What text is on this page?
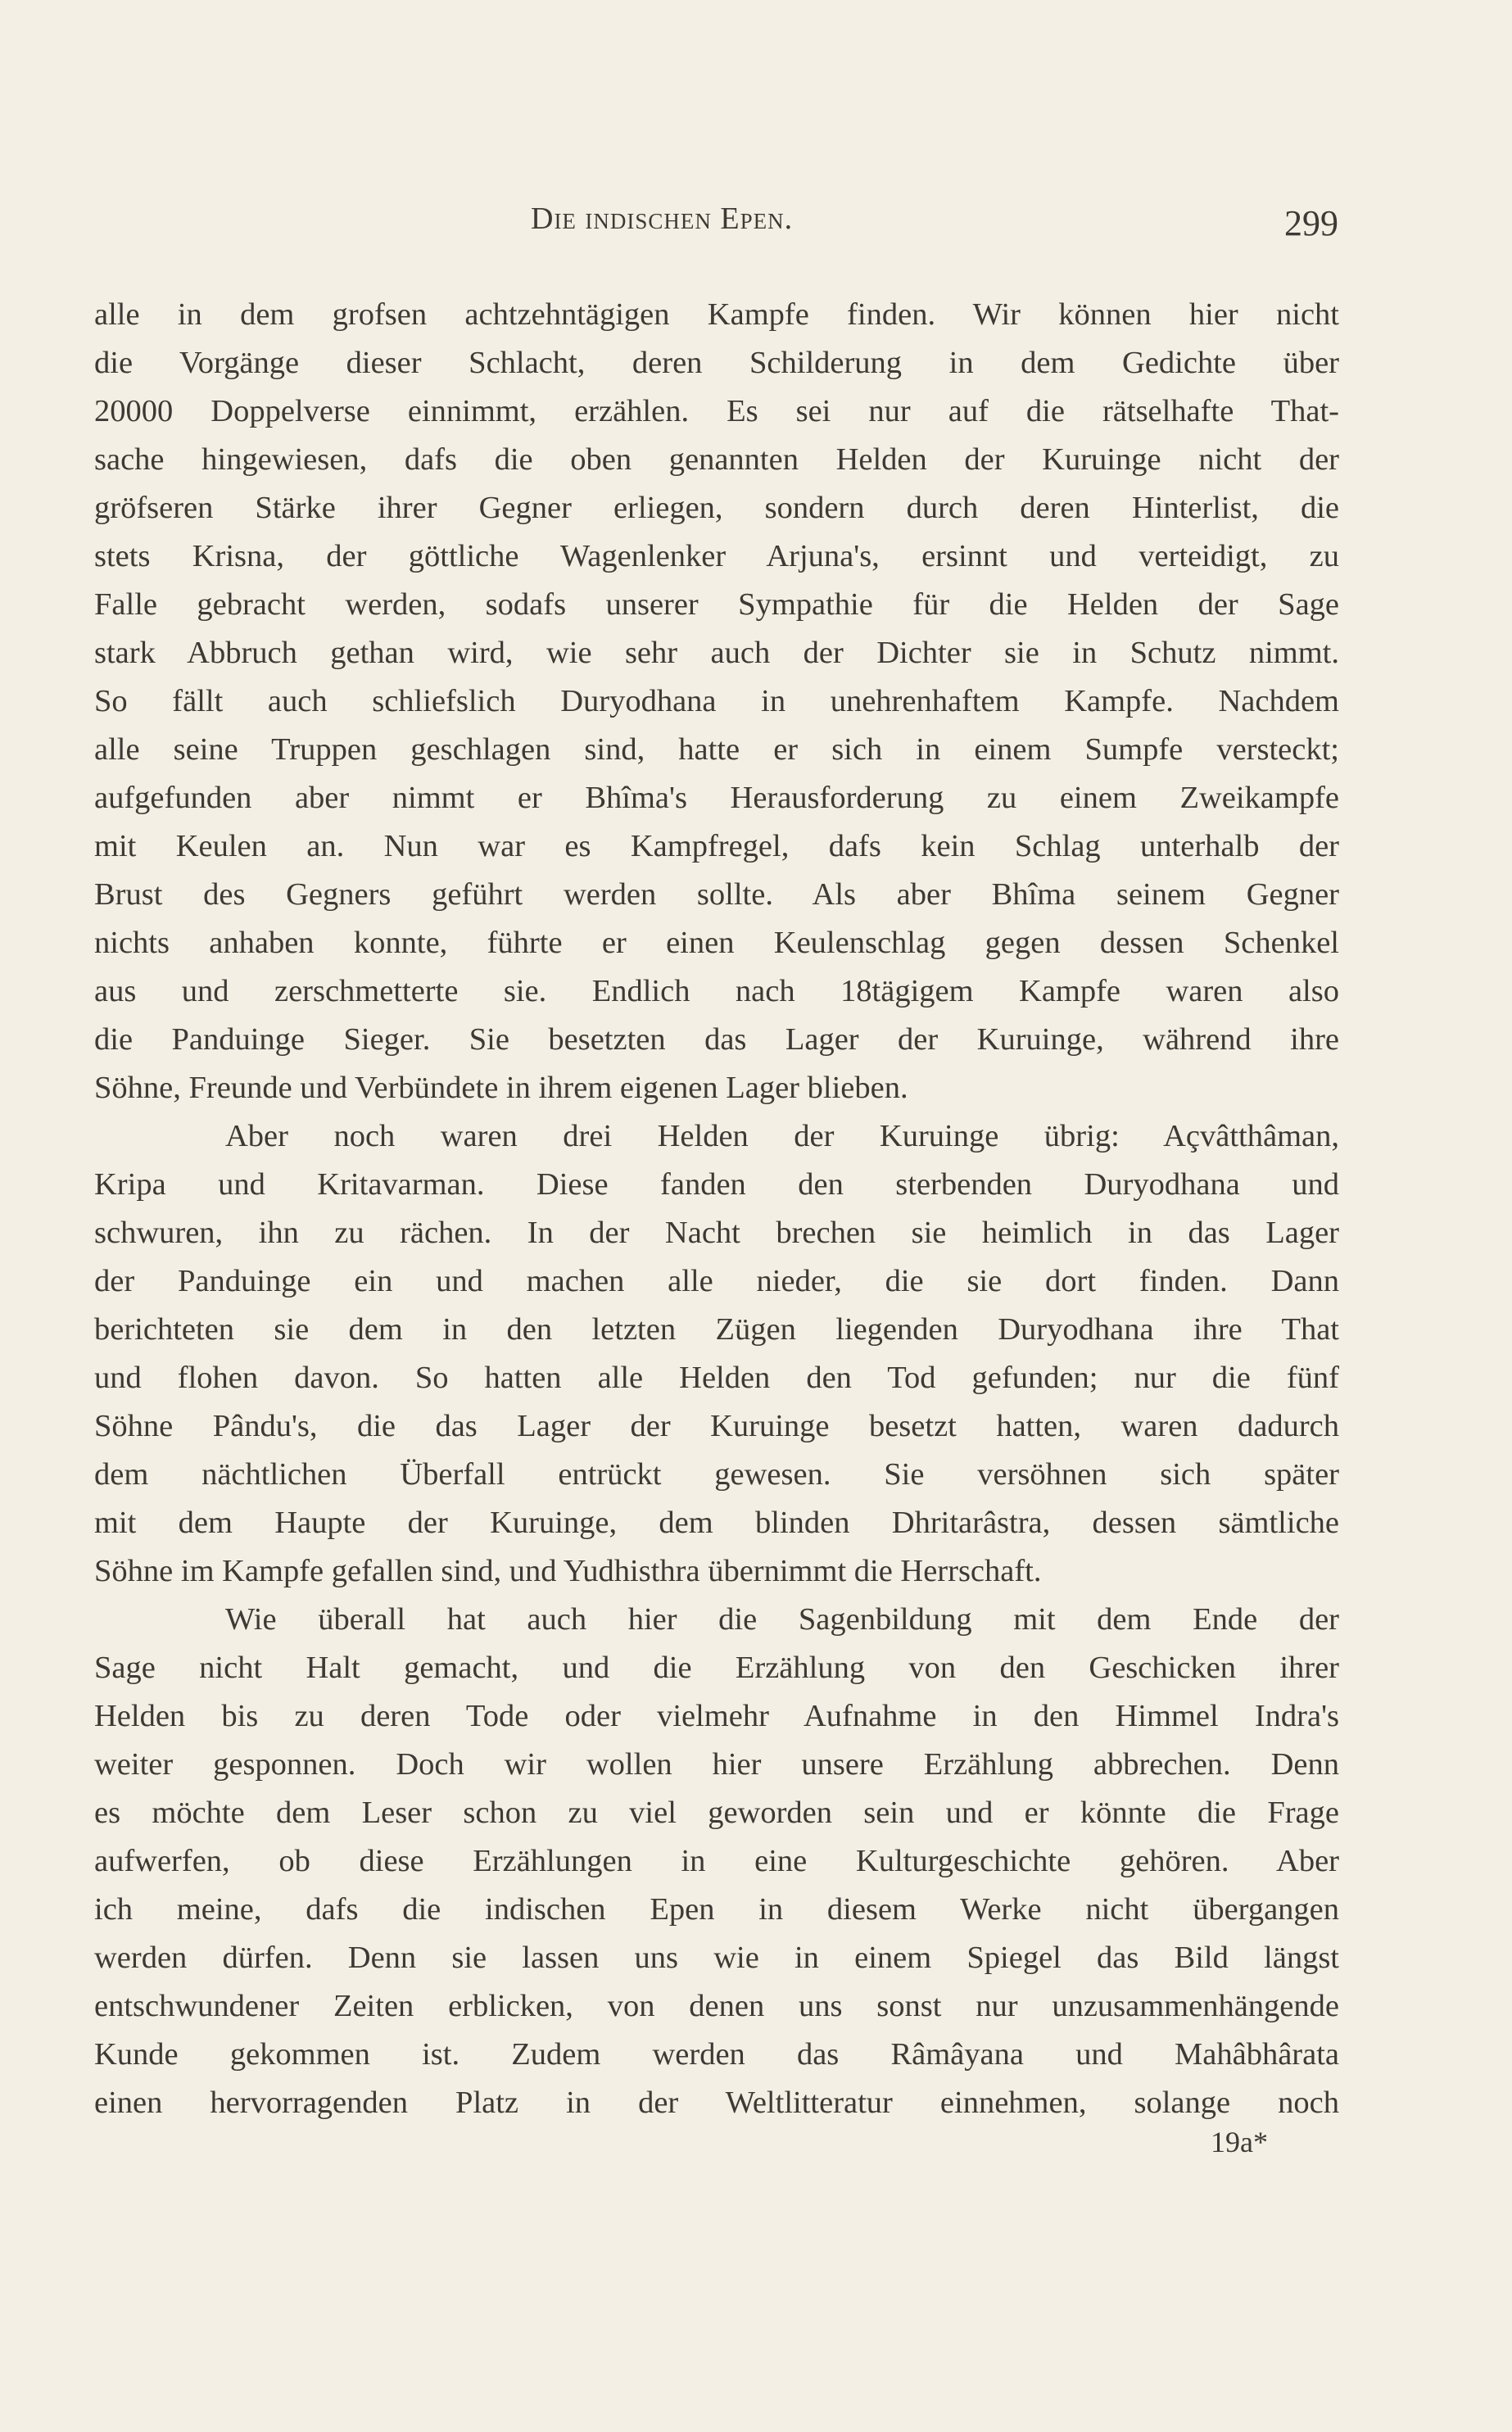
Die indischen Epen.	299
alle in dem grofsen achtzehntägigen Kampfe finden. Wir können hier nicht
die Vorgänge dieser Schlacht, deren Schilderung in dem Gedichte über
20000 Doppelverse einnimmt, erzählen. Es sei nur auf die rätselhafte That-
sache hingewiesen, dafs die oben genannten Helden der Kuruinge nicht der
gröfseren Stärke ihrer Gegner erliegen, sondern durch deren Hinterlist, die
stets Krisna, der göttliche Wagenlenker Arjuna's, ersinnt und verteidigt, zu
Falle gebracht werden, sodafs unserer Sympathie für die Helden der Sage
stark Abbruch gethan wird, wie sehr auch der Dichter sie in Schutz nimmt.
So fällt auch schliefslich Duryodhana in unehrenhaftem Kampfe. Nachdem
alle seine Truppen geschlagen sind, hatte er sich in einem Sumpfe versteckt;
aufgefunden aber nimmt er Bhîma's Herausforderung zu einem Zweikampfe
mit Keulen an. Nun war es Kampfregel, dafs kein Schlag unterhalb der
Brust des Gegners geführt werden sollte. Als aber Bhîma seinem Gegner
nichts anhaben konnte, führte er einen Keulenschlag gegen dessen Schenkel
aus und zerschmetterte sie. Endlich nach 18tägigem Kampfe waren also
die Panduinge Sieger. Sie besetzten das Lager der Kuruinge, während ihre
Söhne, Freunde und Verbündete in ihrem eigenen Lager blieben.
Aber noch waren drei Helden der Kuruinge übrig: Açvâtthâman,
Kripa und Kritavarman. Diese fanden den sterbenden Duryodhana und
schwuren, ihn zu rächen. In der Nacht brechen sie heimlich in das Lager
der Panduinge ein und machen alle nieder, die sie dort finden. Dann
berichteten sie dem in den letzten Zügen liegenden Duryodhana ihre That
und flohen davon. So hatten alle Helden den Tod gefunden; nur die fünf
Söhne Pându's, die das Lager der Kuruinge besetzt hatten, waren dadurch
dem nächtlichen Überfall entrückt gewesen. Sie versöhnen sich später
mit dem Haupte der Kuruinge, dem blinden Dhritarâstra, dessen sämtliche
Söhne im Kampfe gefallen sind, und Yudhisthra übernimmt die Herrschaft.
Wie überall hat auch hier die Sagenbildung mit dem Ende der
Sage nicht Halt gemacht, und die Erzählung von den Geschicken ihrer
Helden bis zu deren Tode oder vielmehr Aufnahme in den Himmel Indra's
weiter gesponnen. Doch wir wollen hier unsere Erzählung abbrechen. Denn
es möchte dem Leser schon zu viel geworden sein und er könnte die Frage
aufwerfen, ob diese Erzählungen in eine Kulturgeschichte gehören. Aber
ich meine, dafs die indischen Epen in diesem Werke nicht übergangen
werden dürfen. Denn sie lassen uns wie in einem Spiegel das Bild längst
entschwundener Zeiten erblicken, von denen uns sonst nur unzusammenhängende
Kunde gekommen ist. Zudem werden das Râmâyana und Mahâbhârata
einen hervorragenden Platz in der Weltlitteratur einnehmen, solange noch
19a*
